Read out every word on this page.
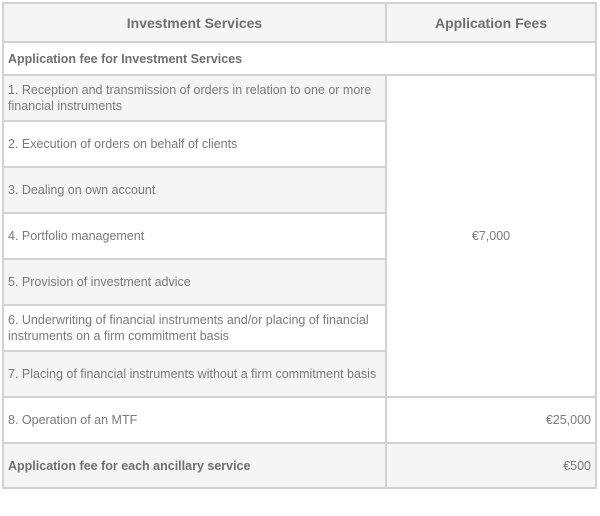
Investment Services	Application Fees
Application fee for Investment Services	
1. Reception and transmission of orders in relation to one or more financial instruments	€7,000
2. Execution of orders on behalf of clients	
3. Dealing on own account	
4. Portfolio management	
5. Provision of investment advice	
6. Underwriting of financial instruments and/or placing of financial instruments on a firm commitment basis	
7. Placing of financial instruments without a firm commitment basis	
8. Operation of an MTF	€25,000
Application fee for each ancillary service	€500
